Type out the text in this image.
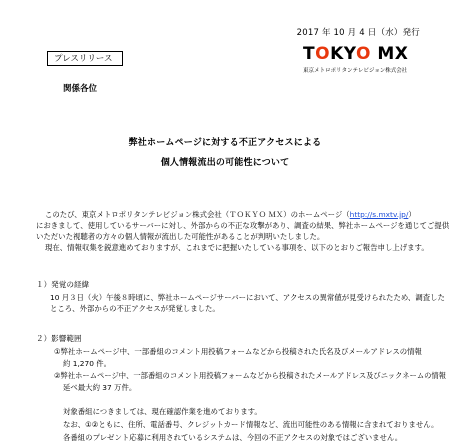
2017 年 10 月 4 日（水）発行
プレスリリース	TOKYO MX
東京メトロポリタンテレビジョン株式会社
関係各位
弊社ホームページに対する不正アクセスによる
個人情報流出の可能性について
このたび、東京メトロポリタンテレビジョン株式会社（ＴＯＫＹＯ ＭＸ）のホームページ（http://s.mxtv.jp/）
におきまして、使用しているサーバーに対し、外部からの不正な攻撃があり、調査の結果、弊社ホームページを通じてご提供
いただいた視聴者の方々の個人情報が流出した可能性があることが判明いたしました。
現在、情報収集を鋭意進めておりますが、これまでに把握いたしている事項を、以下のとおりご報告申し上げます。
１）発覚の経緯
10 月３日（火）午後８時頃に、弊社ホームページサーバーにおいて、アクセスの異常値が見受けられたため、調査した
ところ、外部からの不正アクセスが発覚しました。
２）影響範囲
①弊社ホームページ中、一部番組のコメント用投稿フォームなどから投稿された氏名及びメールアドレスの情報
約 1,270 件。
②弊社ホームページ中、一部番組のコメント用投稿フォームなどから投稿されたメールアドレス及びニックネームの情報
延べ最大約 37 万件。
対象番組につきましては、現在確認作業を進めております。
なお、①②ともに、住所、電話番号、クレジットカード情報など、流出可能性のある情報に含まれておりません。
各番組のプレゼント応募に利用されているシステムは、今回の不正アクセスの対象ではございません。
